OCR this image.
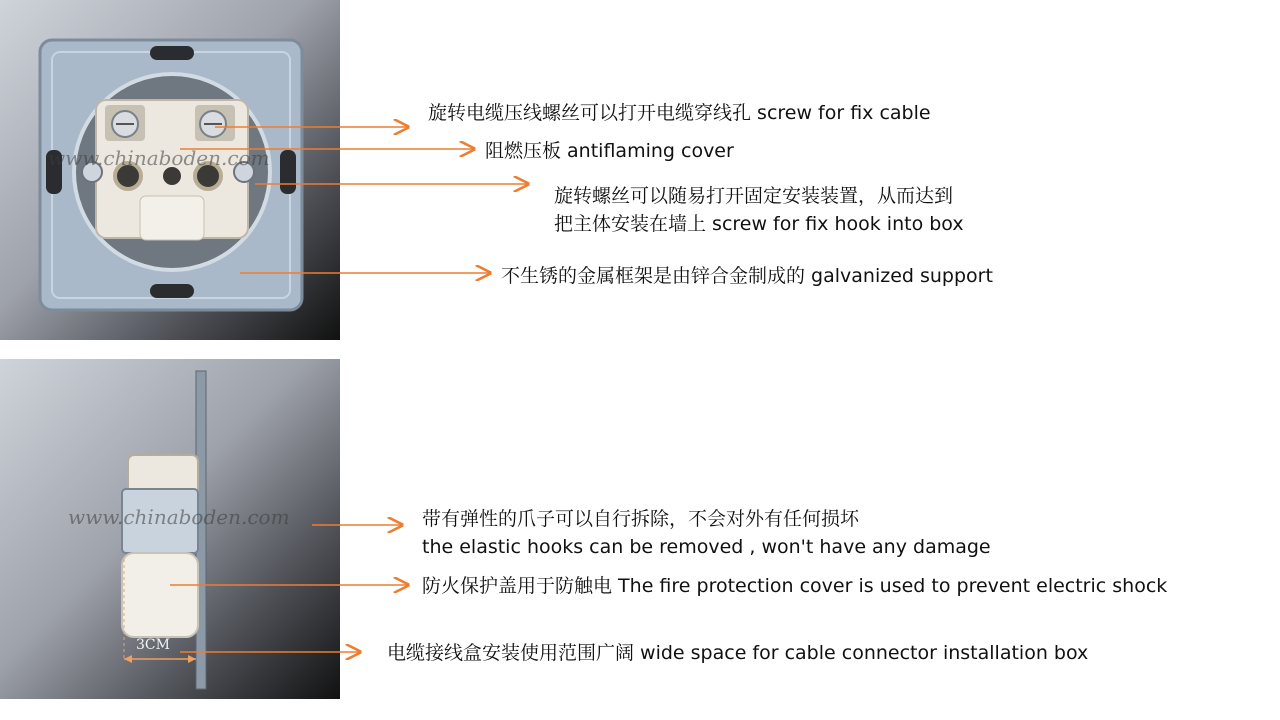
www.chinaboden.com
www.chinaboden.com
3CM
旋转电缆压线螺丝可以打开电缆穿线孔 screw for fix cable
阻燃压板 antiflaming cover
旋转螺丝可以随易打开固定安装装置，从而达到
把主体安装在墙上 screw for fix hook into box
不生锈的金属框架是由锌合金制成的 galvanized support
带有弹性的爪子可以自行拆除，不会对外有任何损坏
the elastic hooks can be removed , won't have any damage
防火保护盖用于防触电 The fire protection cover is used to prevent electric shock
电缆接线盒安装使用范围广阔 wide space for cable connector installation box
